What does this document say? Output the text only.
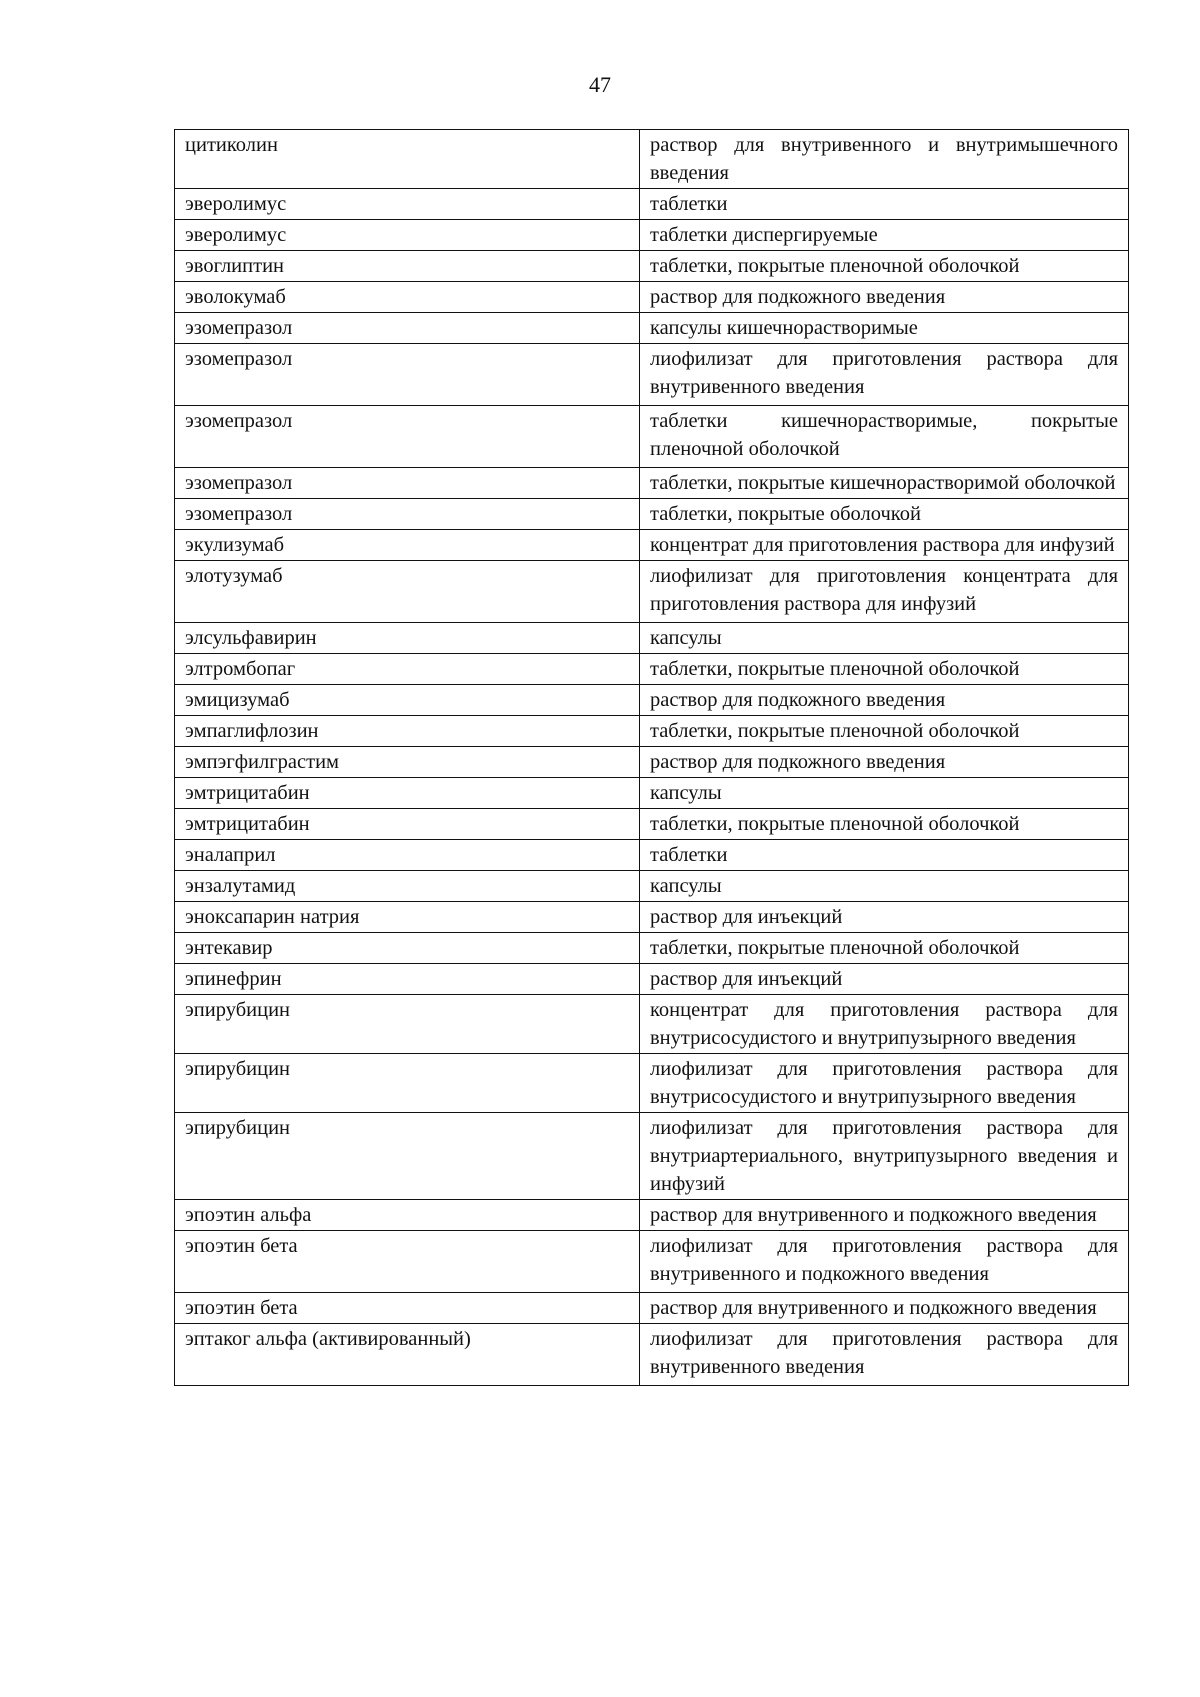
47
цитиколин	раствор для внутривенного и внутримышечного введения
эверолимус	таблетки
эверолимус	таблетки диспергируемые
эвоглиптин	таблетки, покрытые пленочной оболочкой
эволокумаб	раствор для подкожного введения
эзомепразол	капсулы кишечнорастворимые
эзомепразол	лиофилизат для приготовления раствора для внутривенного введения
эзомепразол	таблетки кишечнорастворимые, покрытые пленочной оболочкой
эзомепразол	таблетки, покрытые кишечнорастворимой оболочкой
эзомепразол	таблетки, покрытые оболочкой
экулизумаб	концентрат для приготовления раствора для инфузий
элотузумаб	лиофилизат для приготовления концентрата для приготовления раствора для инфузий
элсульфавирин	капсулы
элтромбопаг	таблетки, покрытые пленочной оболочкой
эмицизумаб	раствор для подкожного введения
эмпаглифлозин	таблетки, покрытые пленочной оболочкой
эмпэгфилграстим	раствор для подкожного введения
эмтрицитабин	капсулы
эмтрицитабин	таблетки, покрытые пленочной оболочкой
эналаприл	таблетки
энзалутамид	капсулы
эноксапарин натрия	раствор для инъекций
энтекавир	таблетки, покрытые пленочной оболочкой
эпинефрин	раствор для инъекций
эпирубицин	концентрат для приготовления раствора для внутрисосудистого и внутрипузырного введения
эпирубицин	лиофилизат для приготовления раствора для внутрисосудистого и внутрипузырного введения
эпирубицин	лиофилизат для приготовления раствора для внутриартериального, внутрипузырного введения и инфузий
эпоэтин альфа	раствор для внутривенного и подкожного введения
эпоэтин бета	лиофилизат для приготовления раствора для внутривенного и подкожного введения
эпоэтин бета	раствор для внутривенного и подкожного введения
эптаког альфа (активированный)	лиофилизат для приготовления раствора для внутривенного введения
